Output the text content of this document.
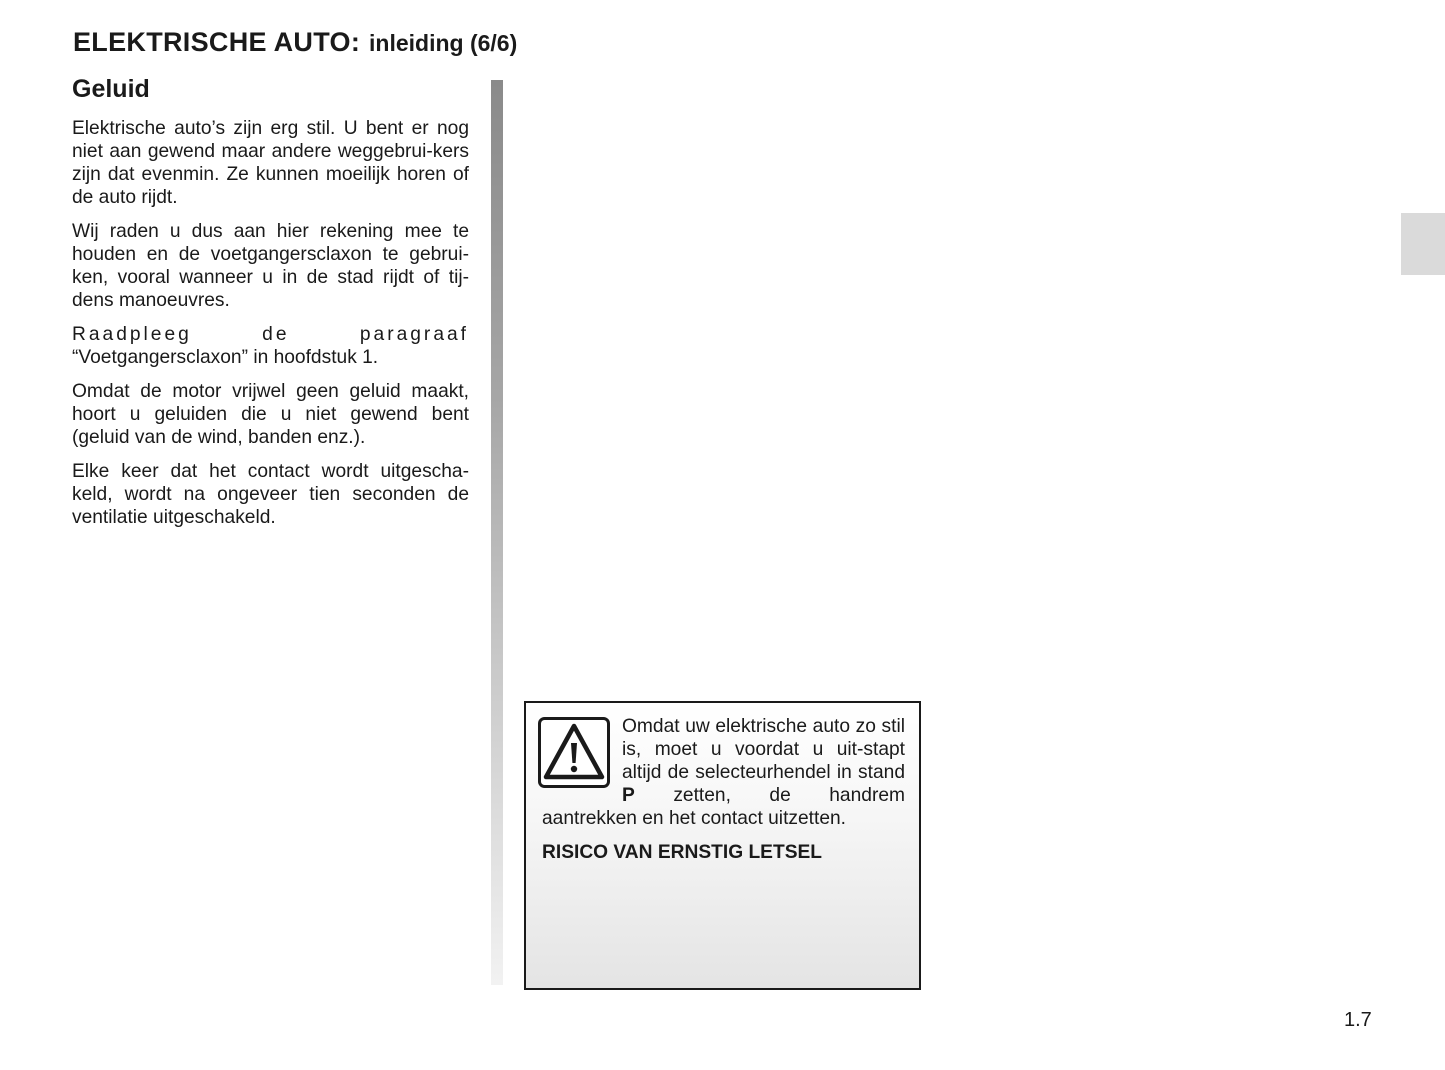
ELEKTRISCHE AUTO: inleiding (6/6)
Geluid

Elektrische auto’s zijn erg stil. U bent er nog niet aan gewend maar andere weggebrui-kers zijn dat evenmin. Ze kunnen moeilijk horen of de auto rijdt.

Wij raden u dus aan hier rekening mee te houden en de voetgangersclaxon te gebrui-ken, vooral wanneer u in de stad rijdt of tij-dens manoeuvres.

Raadpleeg de paragraaf
“Voetgangersclaxon” in hoofdstuk 1.

Omdat de motor vrijwel geen geluid maakt, hoort u geluiden die u niet gewend bent (geluid van de wind, banden enz.).

Elke keer dat het contact wordt uitgescha-keld, wordt na ongeveer tien seconden de ventilatie uitgeschakeld.

Omdat uw elektrische auto zo stil is, moet u voordat u uit-stapt altijd de selecteurhendel in stand P zetten, de handrem aantrekken en het contact uitzetten.

RISICO VAN ERNSTIG LETSEL

1.7
